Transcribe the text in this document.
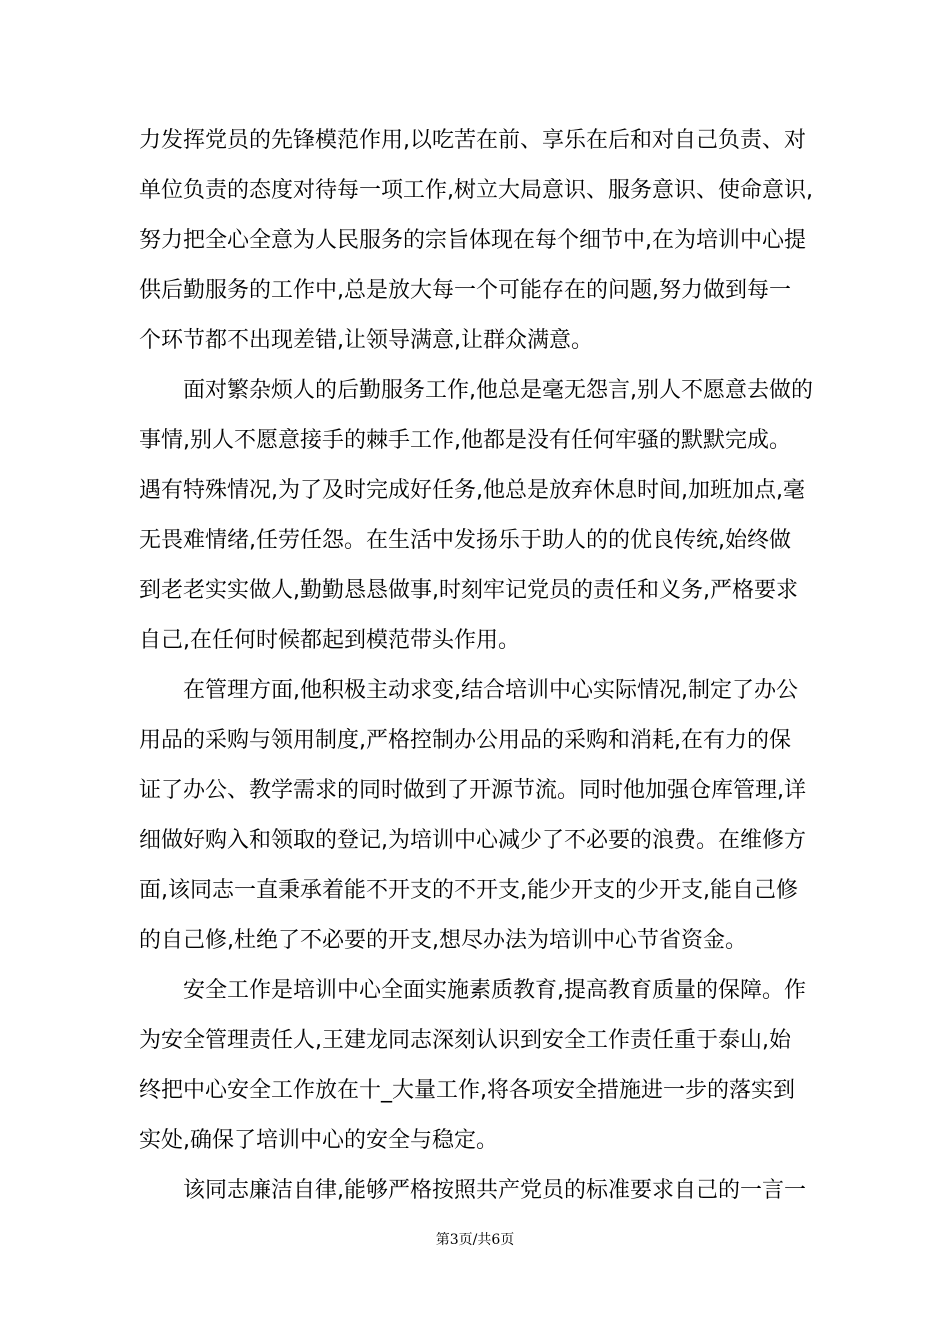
力发挥党员的先锋模范作用,以吃苦在前、享乐在后和对自己负责、对
单位负责的态度对待每一项工作,树立大局意识、服务意识、使命意识,
努力把全心全意为人民服务的宗旨体现在每个细节中,在为培训中心提
供后勤服务的工作中,总是放大每一个可能存在的问题,努力做到每一
个环节都不出现差错,让领导满意,让群众满意。
面对繁杂烦人的后勤服务工作,他总是毫无怨言,别人不愿意去做的
事情,别人不愿意接手的棘手工作,他都是没有任何牢骚的默默完成。
遇有特殊情况,为了及时完成好任务,他总是放弃休息时间,加班加点,毫
无畏难情绪,任劳任怨。在生活中发扬乐于助人的的优良传统,始终做
到老老实实做人,勤勤恳恳做事,时刻牢记党员的责任和义务,严格要求
自己,在任何时候都起到模范带头作用。
在管理方面,他积极主动求变,结合培训中心实际情况,制定了办公
用品的采购与领用制度,严格控制办公用品的采购和消耗,在有力的保
证了办公、教学需求的同时做到了开源节流。同时他加强仓库管理,详
细做好购入和领取的登记,为培训中心减少了不必要的浪费。在维修方
面,该同志一直秉承着能不开支的不开支,能少开支的少开支,能自己修
的自己修,杜绝了不必要的开支,想尽办法为培训中心节省资金。
安全工作是培训中心全面实施素质教育,提高教育质量的保障。作
为安全管理责任人,王建龙同志深刻认识到安全工作责任重于泰山,始
终把中心安全工作放在十_大量工作,将各项安全措施进一步的落实到
实处,确保了培训中心的安全与稳定。
该同志廉洁自律,能够严格按照共产党员的标准要求自己的一言一
第3页/共6页
